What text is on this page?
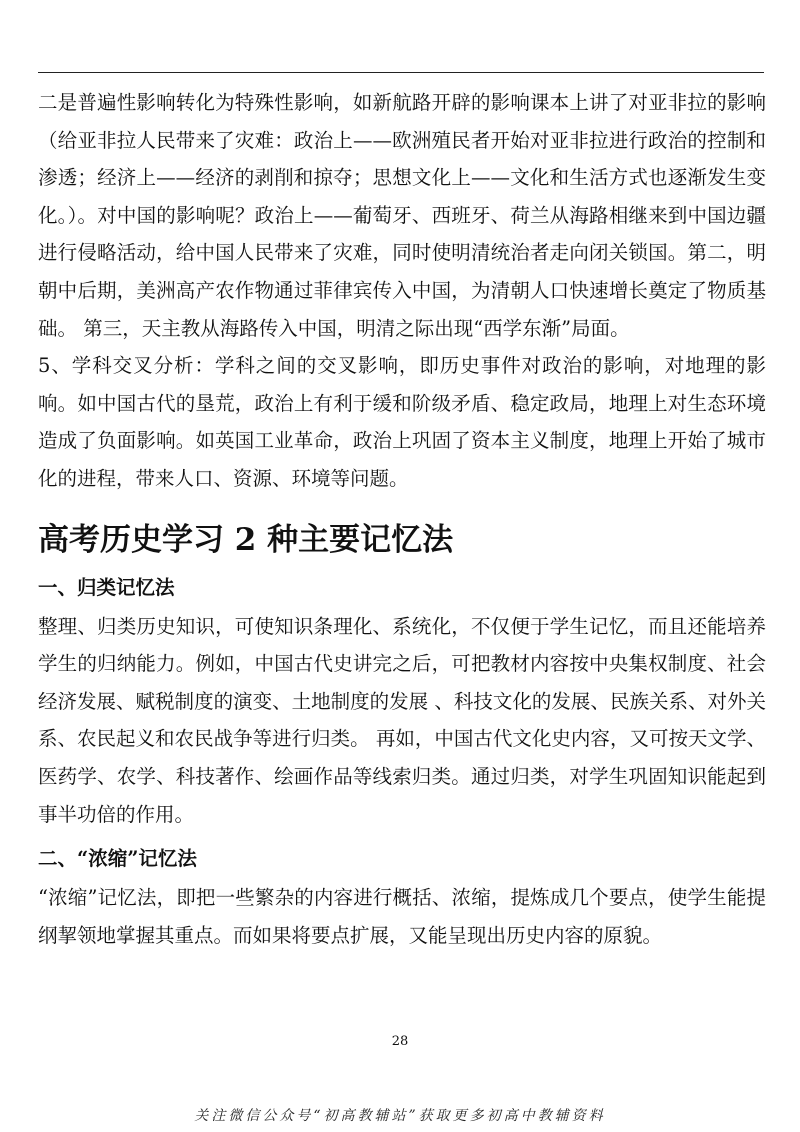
二是普遍性影响转化为特殊性影响，如新航路开辟的影响课本上讲了对亚非拉的影响（给亚非拉人民带来了灾难：政治上——欧洲殖民者开始对亚非拉进行政治的控制和渗透；经济上——经济的剥削和掠夺；思想文化上——文化和生活方式也逐渐发生变化。）。对中国的影响呢？政治上——葡萄牙、西班牙、荷兰从海路相继来到中国边疆进行侵略活动，给中国人民带来了灾难，同时使明清统治者走向闭关锁国。第二，明朝中后期，美洲高产农作物通过菲律宾传入中国，为清朝人口快速增长奠定了物质基础。 第三，天主教从海路传入中国，明清之际出现“西学东渐”局面。

5、学科交叉分析：学科之间的交叉影响，即历史事件对政治的影响，对地理的影响。如中国古代的垦荒，政治上有利于缓和阶级矛盾、稳定政局，地理上对生态环境造成了负面影响。如英国工业革命，政治上巩固了资本主义制度，地理上开始了城市化的进程，带来人口、资源、环境等问题。

高考历史学习 2 种主要记忆法
一、归类记忆法

整理、归类历史知识，可使知识条理化、系统化，不仅便于学生记忆，而且还能培养学生的归纳能力。例如，中国古代史讲完之后，可把教材内容按中央集权制度、社会经济发展、赋税制度的演变、土地制度的发展 、科技文化的发展、民族关系、对外关系、农民起义和农民战争等进行归类。 再如，中国古代文化史内容，又可按天文学、医药学、农学、科技著作、绘画作品等线索归类。通过归类，对学生巩固知识能起到事半功倍的作用。

二、“浓缩”记忆法

“浓缩”记忆法，即把一些繁杂的内容进行概括、浓缩，提炼成几个要点，使学生能提纲挈领地掌握其重点。而如果将要点扩展，又能呈现出历史内容的原貌。

28
关注微信公众号“初高教辅站”获取更多初高中教辅资料
